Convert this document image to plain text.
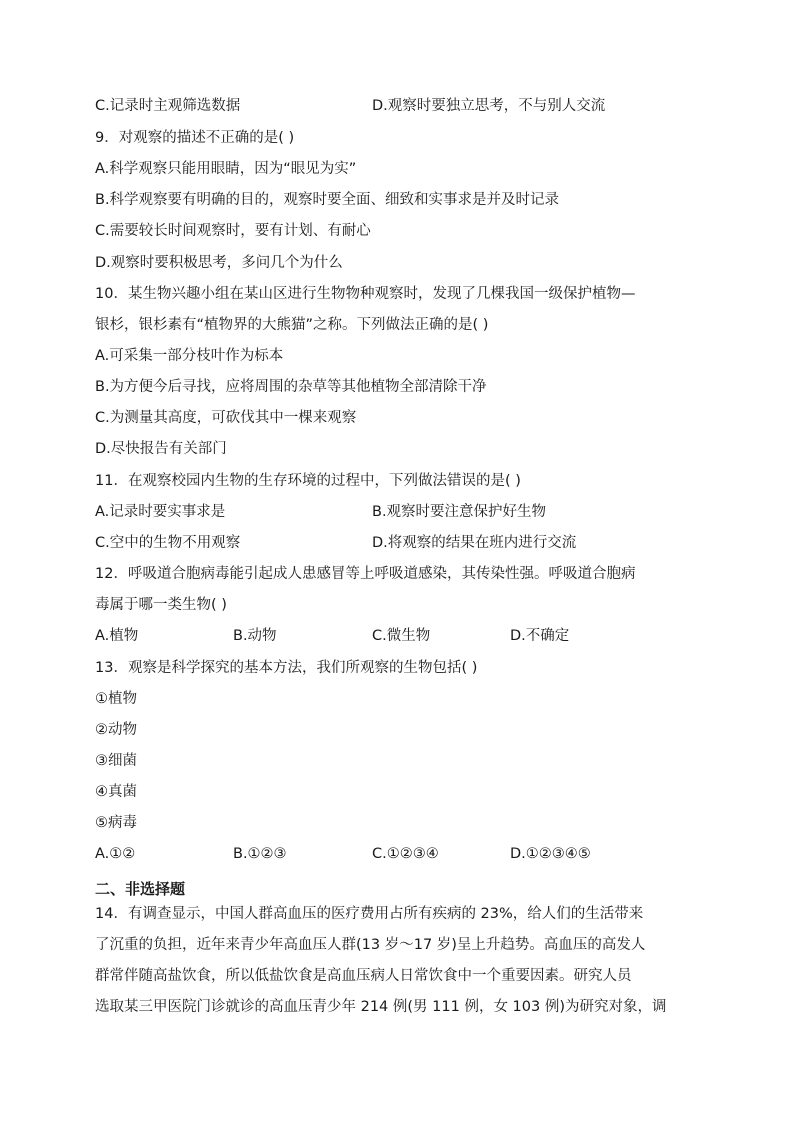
C.记录时主观筛选数据	D.观察时要独立思考，不与别人交流
9．对观察的描述不正确的是( )
A.科学观察只能用眼睛，因为“眼见为实”
B.科学观察要有明确的目的，观察时要全面、细致和实事求是并及时记录
C.需要较长时间观察时，要有计划、有耐心
D.观察时要积极思考，多问几个为什么
10．某生物兴趣小组在某山区进行生物物种观察时，发现了几棵我国一级保护植物—
银杉，银杉素有“植物界的大熊猫”之称。下列做法正确的是( )
A.可采集一部分枝叶作为标本
B.为方便今后寻找，应将周围的杂草等其他植物全部清除干净
C.为测量其高度，可砍伐其中一棵来观察
D.尽快报告有关部门
11．在观察校园内生物的生存环境的过程中，下列做法错误的是( )
A.记录时要实事求是	B.观察时要注意保护好生物
C.空中的生物不用观察	D.将观察的结果在班内进行交流
12．呼吸道合胞病毒能引起成人患感冒等上呼吸道感染，其传染性强。呼吸道合胞病
毒属于哪一类生物( )
A.植物	B.动物	C.微生物	D.不确定
13．观察是科学探究的基本方法，我们所观察的生物包括( )
①植物
②动物
③细菌
④真菌
⑤病毒
A.①②	B.①②③	C.①②③④	D.①②③④⑤
二、非选择题
14．有调查显示，中国人群高血压的医疗费用占所有疾病的 23%，给人们的生活带来
了沉重的负担，近年来青少年高血压人群(13 岁～17 岁)呈上升趋势。高血压的高发人
群常伴随高盐饮食，所以低盐饮食是高血压病人日常饮食中一个重要因素。研究人员
选取某三甲医院门诊就诊的高血压青少年 214 例(男 111 例，女 103 例)为研究对象，调
